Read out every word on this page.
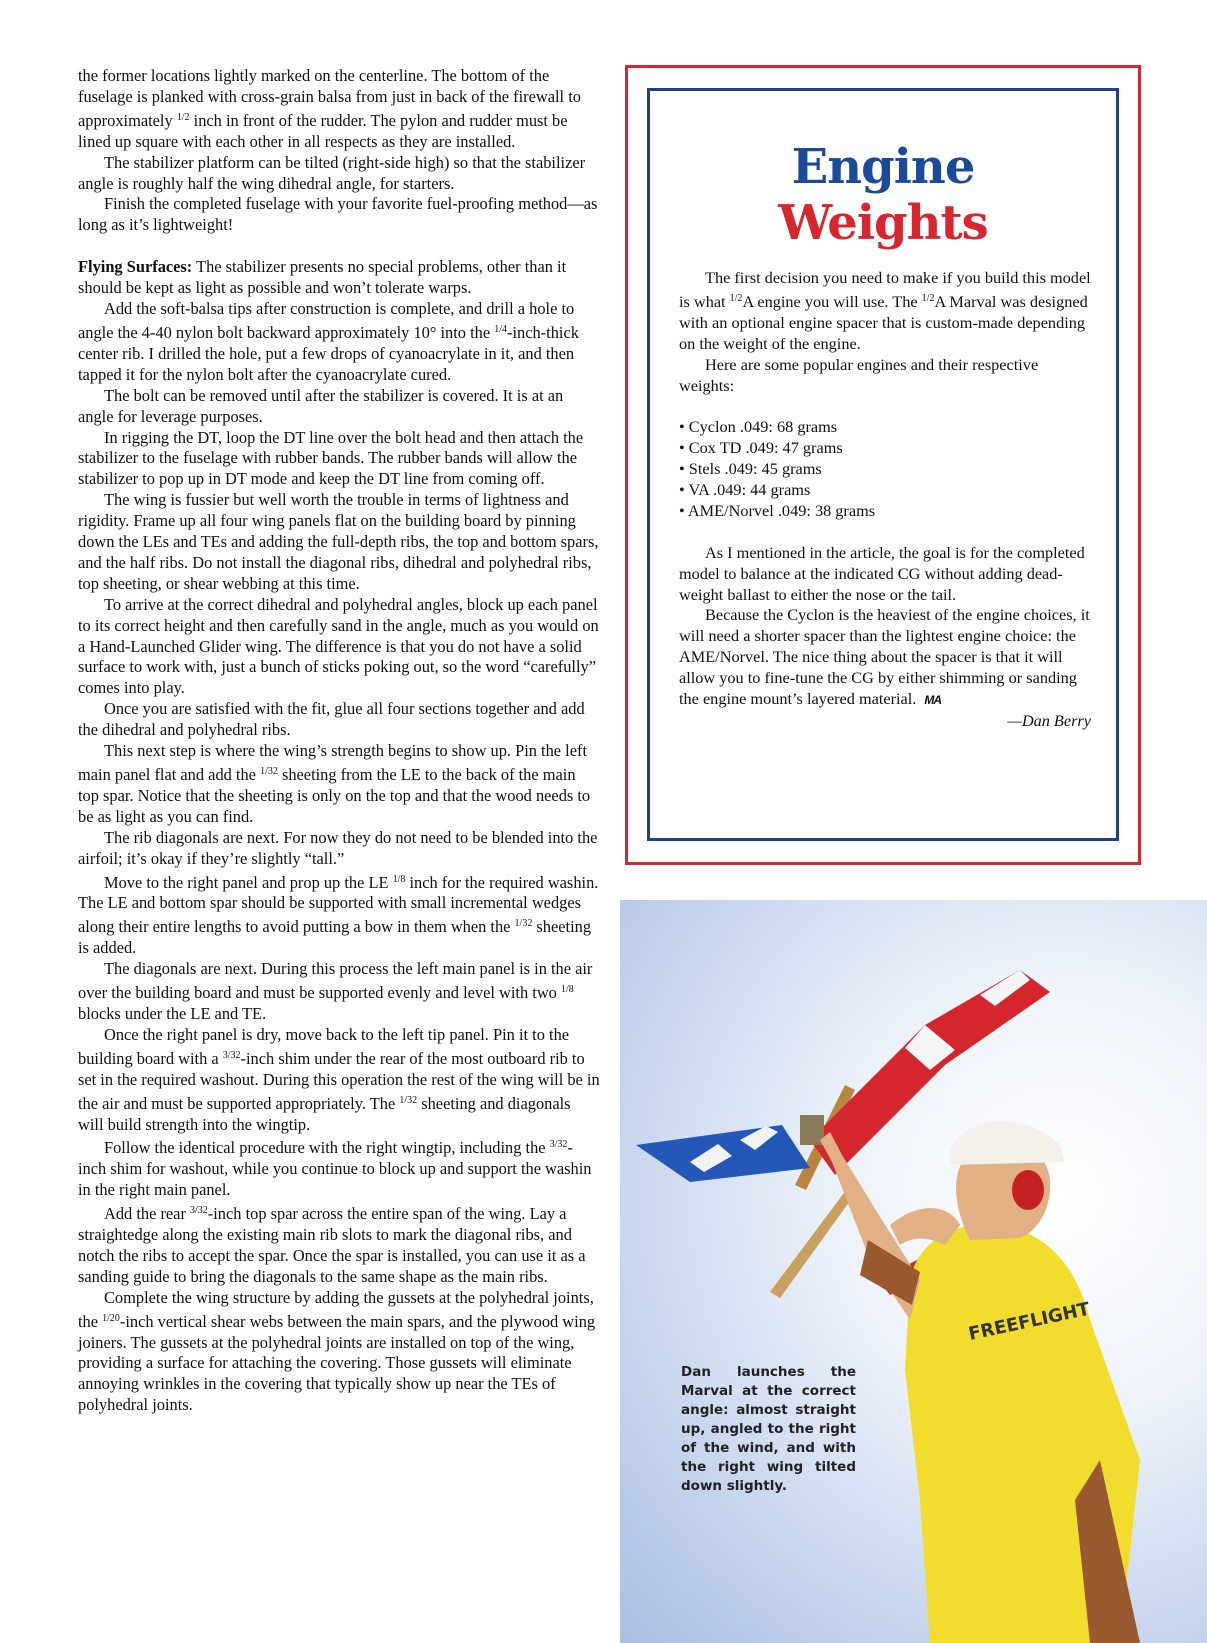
the former locations lightly marked on the centerline. The bottom of the fuselage is planked with cross-grain balsa from just in back of the firewall to approximately $^{1/2}$ inch in front of the rudder. The pylon and rudder must be lined up square with each other in all respects as they are installed.

The stabilizer platform can be tilted (right-side high) so that the stabilizer angle is roughly half the wing dihedral angle, for starters.

Finish the completed fuselage with your favorite fuel-proofing method—as long as it’s lightweight!

Flying Surfaces: The stabilizer presents no special problems, other than it should be kept as light as possible and won’t tolerate warps.

Add the soft-balsa tips after construction is complete, and drill a hole to angle the 4-40 nylon bolt backward approximately 10° into the $^{1/4}$-inch-thick center rib. I drilled the hole, put a few drops of cyanoacrylate in it, and then tapped it for the nylon bolt after the cyanoacrylate cured.

The bolt can be removed until after the stabilizer is covered. It is at an angle for leverage purposes.

In rigging the DT, loop the DT line over the bolt head and then attach the stabilizer to the fuselage with rubber bands. The rubber bands will allow the stabilizer to pop up in DT mode and keep the DT line from coming off.

The wing is fussier but well worth the trouble in terms of lightness and rigidity. Frame up all four wing panels flat on the building board by pinning down the LEs and TEs and adding the full-depth ribs, the top and bottom spars, and the half ribs. Do not install the diagonal ribs, dihedral and polyhedral ribs, top sheeting, or shear webbing at this time.

To arrive at the correct dihedral and polyhedral angles, block up each panel to its correct height and then carefully sand in the angle, much as you would on a Hand-Launched Glider wing. The difference is that you do not have a solid surface to work with, just a bunch of sticks poking out, so the word “carefully” comes into play.

Once you are satisfied with the fit, glue all four sections together and add the dihedral and polyhedral ribs.

This next step is where the wing’s strength begins to show up. Pin the left main panel flat and add the $^{1/32}$ sheeting from the LE to the back of the main top spar. Notice that the sheeting is only on the top and that the wood needs to be as light as you can find.

The rib diagonals are next. For now they do not need to be blended into the airfoil; it’s okay if they’re slightly “tall.”

Move to the right panel and prop up the LE $^{1/8}$ inch for the required washin. The LE and bottom spar should be supported with small incremental wedges along their entire lengths to avoid putting a bow in them when the $^{1/32}$ sheeting is added.

The diagonals are next. During this process the left main panel is in the air over the building board and must be supported evenly and level with two $^{1/8}$ blocks under the LE and TE.

Once the right panel is dry, move back to the left tip panel. Pin it to the building board with a $^{3/32}$-inch shim under the rear of the most outboard rib to set in the required washout. During this operation the rest of the wing will be in the air and must be supported appropriately. The $^{1/32}$ sheeting and diagonals will build strength into the wingtip.

Follow the identical procedure with the right wingtip, including the $^{3/32}$-inch shim for washout, while you continue to block up and support the washin in the right main panel.

Add the rear $^{3/32}$-inch top spar across the entire span of the wing. Lay a straightedge along the existing main rib slots to mark the diagonal ribs, and notch the ribs to accept the spar. Once the spar is installed, you can use it as a sanding guide to bring the diagonals to the same shape as the main ribs.

Complete the wing structure by adding the gussets at the polyhedral joints, the $^{1/20}$-inch vertical shear webs between the main spars, and the plywood wing joiners. The gussets at the polyhedral joints are installed on top of the wing, providing a surface for attaching the covering. Those gussets will eliminate annoying wrinkles in the covering that typically show up near the TEs of polyhedral joints.

Engine
Weights

The first decision you need to make if you build this model is what $^{1/2}$A engine you will use. The $^{1/2}$A Marval was designed with an optional engine spacer that is custom-made depending on the weight of the engine.

Here are some popular engines and their respective weights:

• Cyclon .049: 68 grams
• Cox TD .049: 47 grams
• Stels .049: 45 grams
• VA .049: 44 grams
• AME/Norvel .049: 38 grams

As I mentioned in the article, the goal is for the completed model to balance at the indicated CG without adding dead-weight ballast to either the nose or the tail.

Because the Cyclon is the heaviest of the engine choices, it will need a shorter spacer than the lightest engine choice: the AME/Norvel. The nice thing about the spacer is that it will allow you to fine-tune the CG by either shimming or sanding the engine mount’s layered material. MA

—Dan Berry

FREEFLIGHT
Dan launches the Marval at the correct angle: almost straight up, angled to the right of the wind, and with the right wing tilted down slightly.
